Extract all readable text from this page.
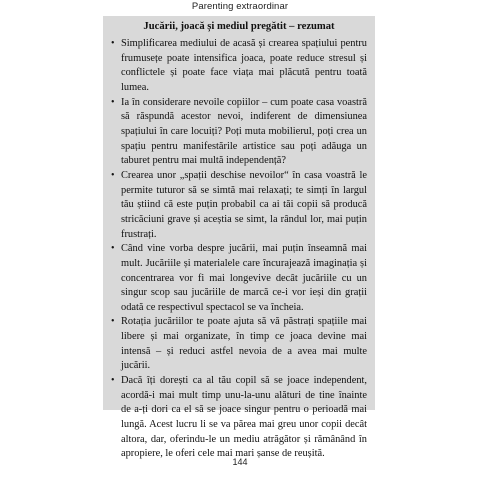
Parenting extraordinar
Jucării, joacă și mediul pregătit – rezumat
• Simplificarea mediului de acasă și crearea spațiului pentru frumusețe poate intensifica joaca, poate reduce stresul și conflictele și poate face viața mai plăcută pentru toată lumea.
• Ia în considerare nevoile copiilor – cum poate casa voastră să răspundă acestor nevoi, indiferent de dimensiunea spațiului în care locuiți? Poți muta mobilierul, poți crea un spațiu pentru manifestările artistice sau poți adăuga un taburet pentru mai multă independență?
• Crearea unor „spații deschise nevoilor“ în casa voastră le permite tuturor să se simtă mai relaxați; te simți în largul tău știind că este puțin probabil ca ai tăi copii să producă stricăciuni grave și aceștia se simt, la rândul lor, mai puțin frustrați.
• Când vine vorba despre jucării, mai puțin înseamnă mai mult. Jucăriile și materialele care încurajează imaginația și concentrarea vor fi mai longevive decât jucăriile cu un singur scop sau jucăriile de marcă ce-i vor ieși din grații odată ce respectivul spectacol se va încheia.
• Rotația jucăriilor te poate ajuta să vă păstrați spațiile mai libere și mai organizate, în timp ce joaca devine mai intensă – și reduci astfel nevoia de a avea mai multe jucării.
• Dacă îți dorești ca al tău copil să se joace independent, acordă-i mai mult timp unu-la-unu alături de tine înainte de a-ți dori ca el să se joace singur pentru o perioadă mai lungă. Acest lucru li se va părea mai greu unor copii decât altora, dar, oferindu-le un mediu atrăgător și rămânând în apropiere, le oferi cele mai mari șanse de reușită.
144
